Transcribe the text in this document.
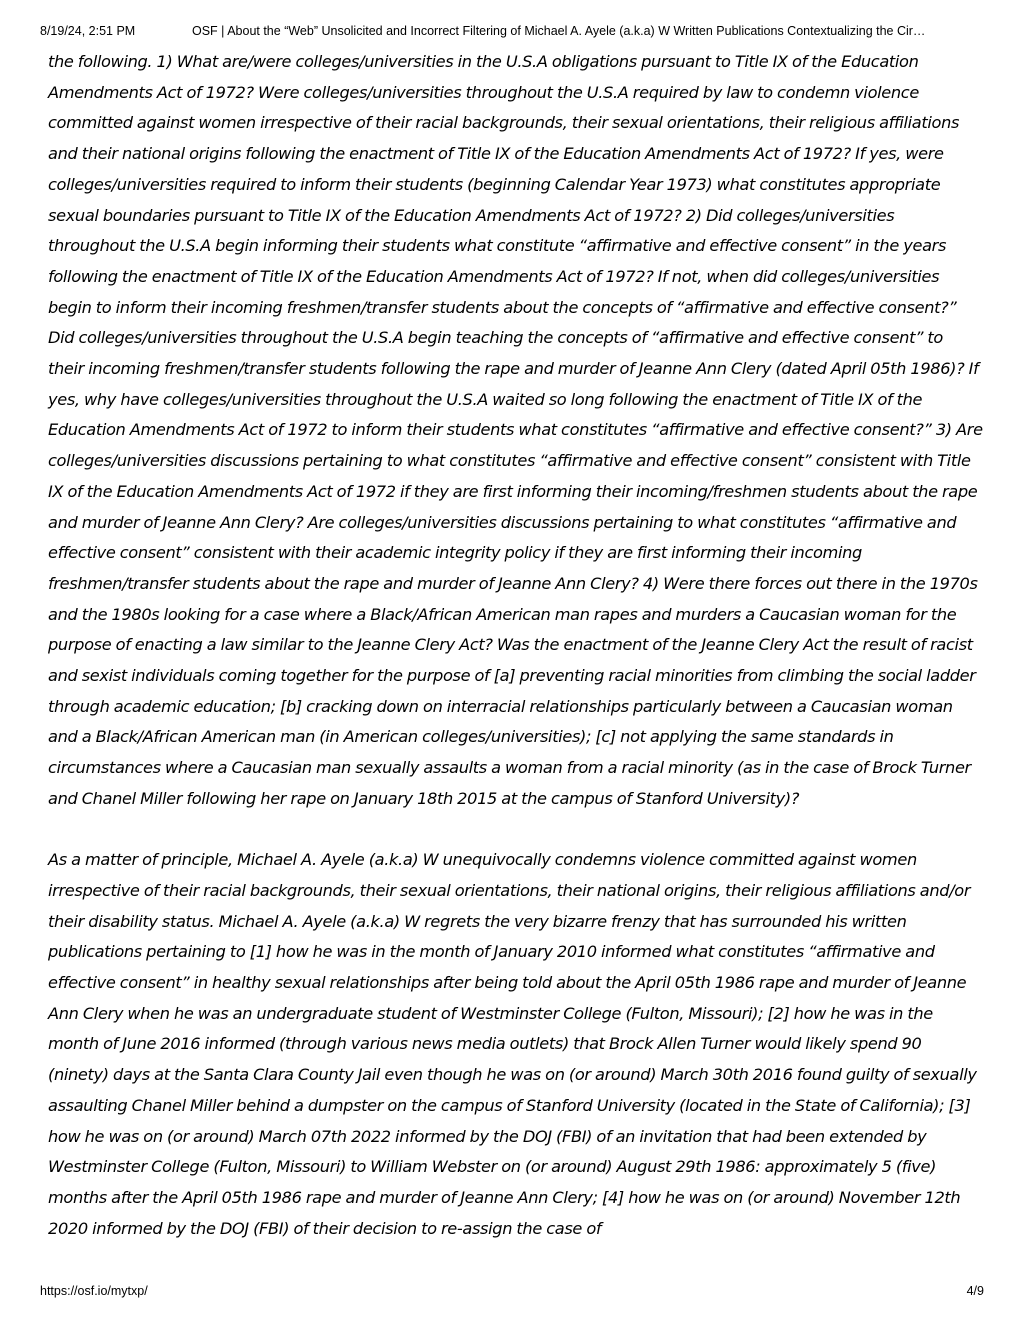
8/19/24, 2:51 PM	OSF | About the “Web” Unsolicited and Incorrect Filtering of Michael A. Ayele (a.k.a) W Written Publications Contextualizing the Cir…

the following. 1) What are/were colleges/universities in the U.S.A obligations pursuant to Title IX of the Education Amendments Act of 1972? Were colleges/universities throughout the U.S.A required by law to condemn violence committed against women irrespective of their racial backgrounds, their sexual orientations, their religious affiliations and their national origins following the enactment of Title IX of the Education Amendments Act of 1972? If yes, were colleges/universities required to inform their students (beginning Calendar Year 1973) what constitutes appropriate sexual boundaries pursuant to Title IX of the Education Amendments Act of 1972? 2) Did colleges/universities throughout the U.S.A begin informing their students what constitute “affirmative and effective consent” in the years following the enactment of Title IX of the Education Amendments Act of 1972? If not, when did colleges/universities begin to inform their incoming freshmen/transfer students about the concepts of “affirmative and effective consent?” Did colleges/universities throughout the U.S.A begin teaching the concepts of “affirmative and effective consent” to their incoming freshmen/transfer students following the rape and murder of Jeanne Ann Clery (dated April 05th 1986)? If yes, why have colleges/universities throughout the U.S.A waited so long following the enactment of Title IX of the Education Amendments Act of 1972 to inform their students what constitutes “affirmative and effective consent?” 3) Are colleges/universities discussions pertaining to what constitutes “affirmative and effective consent” consistent with Title IX of the Education Amendments Act of 1972 if they are first informing their incoming/freshmen students about the rape and murder of Jeanne Ann Clery? Are colleges/universities discussions pertaining to what constitutes “affirmative and effective consent” consistent with their academic integrity policy if they are first informing their incoming freshmen/transfer students about the rape and murder of Jeanne Ann Clery? 4) Were there forces out there in the 1970s and the 1980s looking for a case where a Black/African American man rapes and murders a Caucasian woman for the purpose of enacting a law similar to the Jeanne Clery Act? Was the enactment of the Jeanne Clery Act the result of racist and sexist individuals coming together for the purpose of [a] preventing racial minorities from climbing the social ladder through academic education; [b] cracking down on interracial relationships particularly between a Caucasian woman and a Black/African American man (in American colleges/universities); [c] not applying the same standards in circumstances where a Caucasian man sexually assaults a woman from a racial minority (as in the case of Brock Turner and Chanel Miller following her rape on January 18th 2015 at the campus of Stanford University)?

As a matter of principle, Michael A. Ayele (a.k.a) W unequivocally condemns violence committed against women irrespective of their racial backgrounds, their sexual orientations, their national origins, their religious affiliations and/or their disability status. Michael A. Ayele (a.k.a) W regrets the very bizarre frenzy that has surrounded his written publications pertaining to [1] how he was in the month of January 2010 informed what constitutes “affirmative and effective consent” in healthy sexual relationships after being told about the April 05th 1986 rape and murder of Jeanne Ann Clery when he was an undergraduate student of Westminster College (Fulton, Missouri); [2] how he was in the month of June 2016 informed (through various news media outlets) that Brock Allen Turner would likely spend 90 (ninety) days at the Santa Clara County Jail even though he was on (or around) March 30th 2016 found guilty of sexually assaulting Chanel Miller behind a dumpster on the campus of Stanford University (located in the State of California); [3] how he was on (or around) March 07th 2022 informed by the DOJ (FBI) of an invitation that had been extended by Westminster College (Fulton, Missouri) to William Webster on (or around) August 29th 1986: approximately 5 (five) months after the April 05th 1986 rape and murder of Jeanne Ann Clery; [4] how he was on (or around) November 12th 2020 informed by the DOJ (FBI) of their decision to re-assign the case of

https://osf.io/mytxp/	4/9
